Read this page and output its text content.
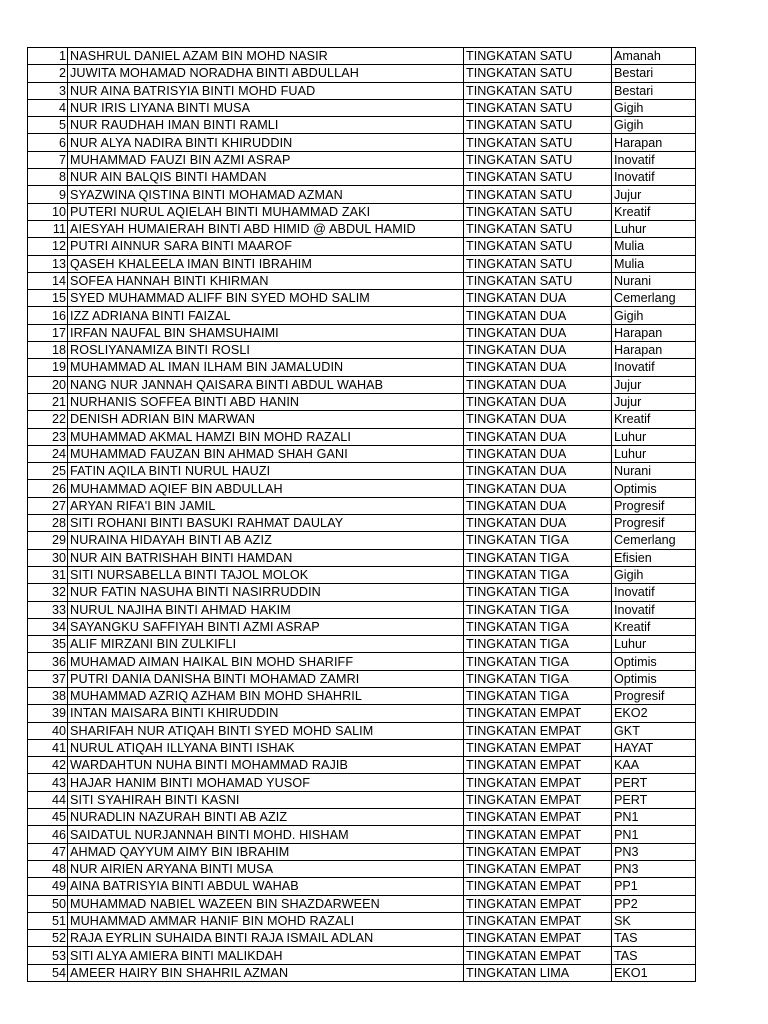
1	NASHRUL DANIEL AZAM BIN MOHD NASIR	TINGKATAN SATU	Amanah
2	JUWITA MOHAMAD NORADHA BINTI ABDULLAH	TINGKATAN SATU	Bestari
3	NUR AINA BATRISYIA BINTI MOHD FUAD	TINGKATAN SATU	Bestari
4	NUR IRIS LIYANA BINTI MUSA	TINGKATAN SATU	Gigih
5	NUR RAUDHAH IMAN BINTI RAMLI	TINGKATAN SATU	Gigih
6	NUR ALYA NADIRA BINTI KHIRUDDIN	TINGKATAN SATU	Harapan
7	MUHAMMAD FAUZI BIN AZMI ASRAP	TINGKATAN SATU	Inovatif
8	NUR AIN BALQIS BINTI HAMDAN	TINGKATAN SATU	Inovatif
9	SYAZWINA QISTINA BINTI MOHAMAD AZMAN	TINGKATAN SATU	Jujur
10	PUTERI NURUL AQIELAH BINTI MUHAMMAD ZAKI	TINGKATAN SATU	Kreatif
11	AIESYAH HUMAIERAH BINTI ABD HIMID @ ABDUL HAMID	TINGKATAN SATU	Luhur
12	PUTRI AINNUR SARA BINTI MAAROF	TINGKATAN SATU	Mulia
13	QASEH KHALEELA IMAN BINTI IBRAHIM	TINGKATAN SATU	Mulia
14	SOFEA HANNAH BINTI KHIRMAN	TINGKATAN SATU	Nurani
15	SYED MUHAMMAD ALIFF BIN SYED MOHD SALIM	TINGKATAN DUA	Cemerlang
16	IZZ ADRIANA BINTI FAIZAL	TINGKATAN DUA	Gigih
17	IRFAN NAUFAL BIN SHAMSUHAIMI	TINGKATAN DUA	Harapan
18	ROSLIYANAMIZA BINTI ROSLI	TINGKATAN DUA	Harapan
19	MUHAMMAD AL IMAN ILHAM BIN JAMALUDIN	TINGKATAN DUA	Inovatif
20	NANG NUR JANNAH QAISARA BINTI ABDUL WAHAB	TINGKATAN DUA	Jujur
21	NURHANIS SOFFEA BINTI ABD HANIN	TINGKATAN DUA	Jujur
22	DENISH ADRIAN BIN MARWAN	TINGKATAN DUA	Kreatif
23	MUHAMMAD AKMAL HAMZI BIN MOHD RAZALI	TINGKATAN DUA	Luhur
24	MUHAMMAD FAUZAN BIN AHMAD SHAH GANI	TINGKATAN DUA	Luhur
25	FATIN AQILA BINTI NURUL HAUZI	TINGKATAN DUA	Nurani
26	MUHAMMAD AQIEF BIN ABDULLAH	TINGKATAN DUA	Optimis
27	ARYAN RIFA'I BIN JAMIL	TINGKATAN DUA	Progresif
28	SITI ROHANI BINTI BASUKI RAHMAT DAULAY	TINGKATAN DUA	Progresif
29	NURAINA HIDAYAH BINTI AB AZIZ	TINGKATAN TIGA	Cemerlang
30	NUR AIN BATRISHAH BINTI HAMDAN	TINGKATAN TIGA	Efisien
31	SITI NURSABELLA BINTI TAJOL MOLOK	TINGKATAN TIGA	Gigih
32	NUR FATIN NASUHA BINTI NASIRRUDDIN	TINGKATAN TIGA	Inovatif
33	NURUL NAJIHA BINTI AHMAD HAKIM	TINGKATAN TIGA	Inovatif
34	SAYANGKU SAFFIYAH BINTI AZMI ASRAP	TINGKATAN TIGA	Kreatif
35	ALIF MIRZANI BIN ZULKIFLI	TINGKATAN TIGA	Luhur
36	MUHAMAD AIMAN HAIKAL BIN MOHD SHARIFF	TINGKATAN TIGA	Optimis
37	PUTRI DANIA DANISHA BINTI MOHAMAD ZAMRI	TINGKATAN TIGA	Optimis
38	MUHAMMAD AZRIQ AZHAM BIN MOHD SHAHRIL	TINGKATAN TIGA	Progresif
39	INTAN MAISARA BINTI KHIRUDDIN	TINGKATAN EMPAT	EKO2
40	SHARIFAH NUR ATIQAH BINTI SYED MOHD SALIM	TINGKATAN EMPAT	GKT
41	NURUL ATIQAH ILLYANA BINTI ISHAK	TINGKATAN EMPAT	HAYAT
42	WARDAHTUN NUHA BINTI MOHAMMAD RAJIB	TINGKATAN EMPAT	KAA
43	HAJAR HANIM BINTI MOHAMAD YUSOF	TINGKATAN EMPAT	PERT
44	SITI SYAHIRAH BINTI KASNI	TINGKATAN EMPAT	PERT
45	NURADLIN NAZURAH BINTI AB AZIZ	TINGKATAN EMPAT	PN1
46	SAIDATUL NURJANNAH BINTI MOHD. HISHAM	TINGKATAN EMPAT	PN1
47	AHMAD QAYYUM AIMY BIN IBRAHIM	TINGKATAN EMPAT	PN3
48	NUR AIRIEN ARYANA BINTI MUSA	TINGKATAN EMPAT	PN3
49	AINA BATRISYIA BINTI ABDUL WAHAB	TINGKATAN EMPAT	PP1
50	MUHAMMAD NABIEL WAZEEN BIN SHAZDARWEEN	TINGKATAN EMPAT	PP2
51	MUHAMMAD AMMAR HANIF BIN MOHD RAZALI	TINGKATAN EMPAT	SK
52	RAJA EYRLIN SUHAIDA BINTI RAJA ISMAIL ADLAN	TINGKATAN EMPAT	TAS
53	SITI ALYA AMIERA BINTI MALIKDAH	TINGKATAN EMPAT	TAS
54	AMEER HAIRY BIN SHAHRIL AZMAN	TINGKATAN LIMA	EKO1
